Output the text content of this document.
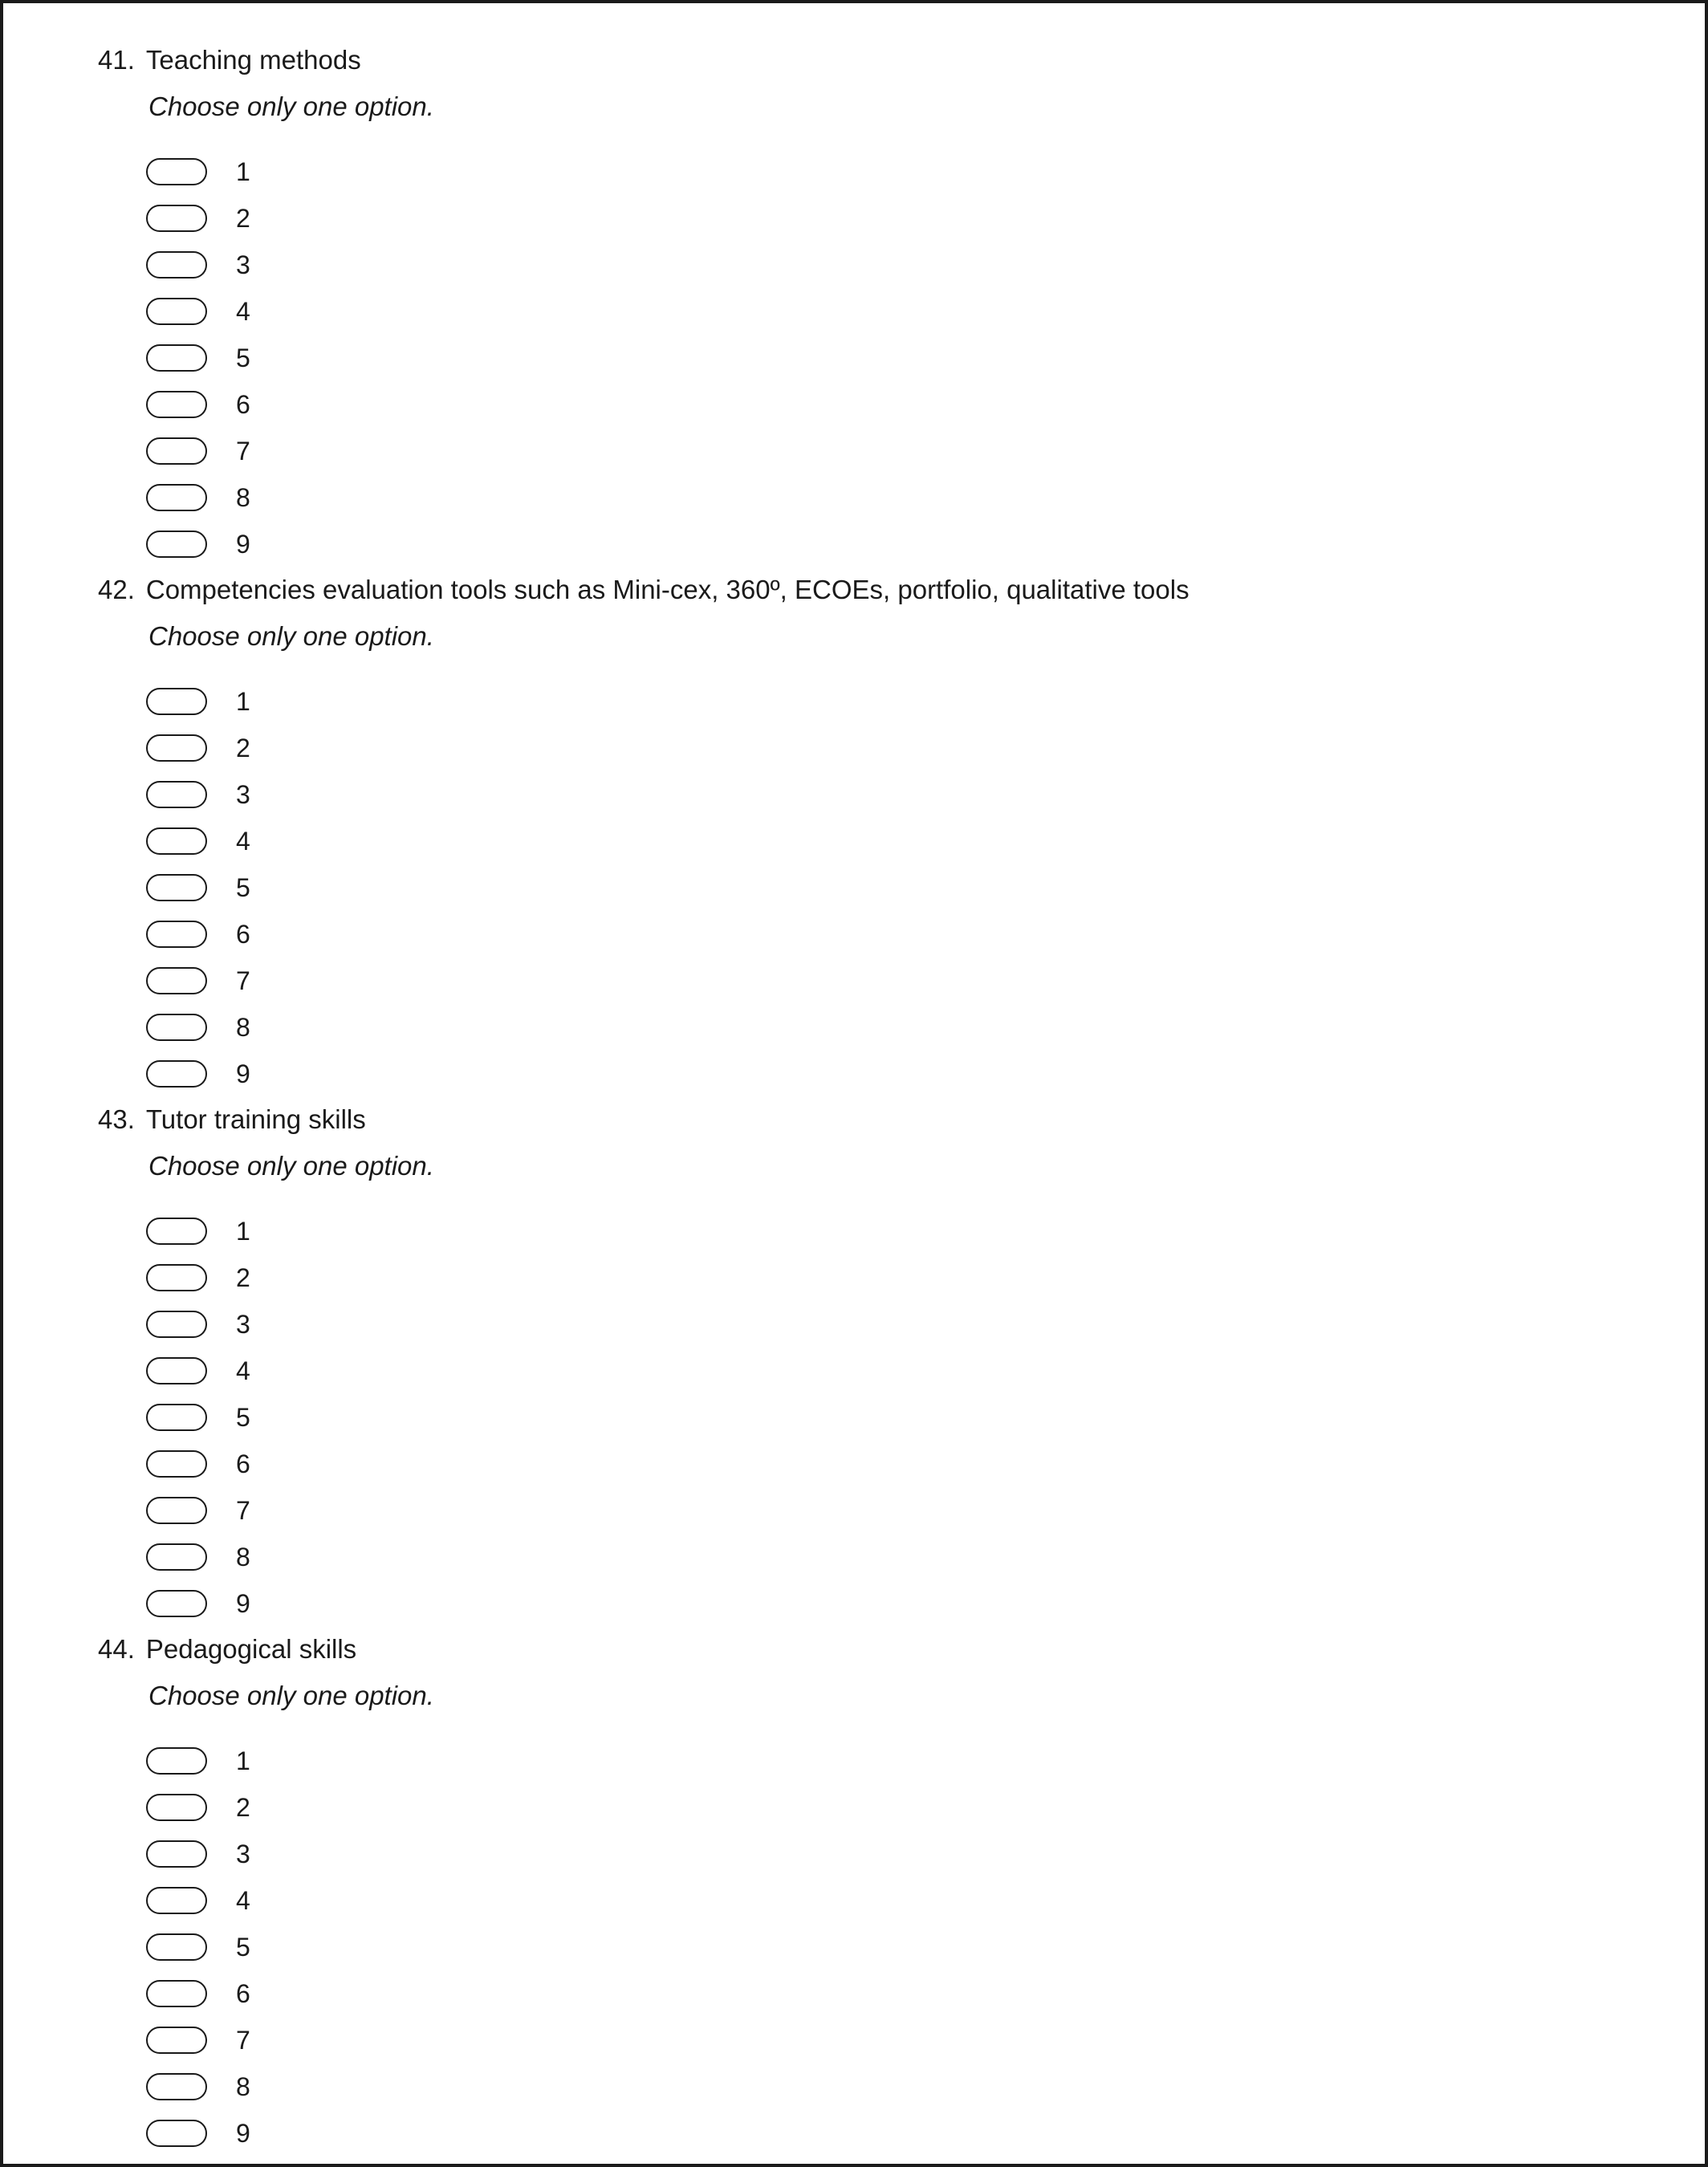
41. Teaching methods
Choose only one option.
1
2
3
4
5
6
7
8
9
42. Competencies evaluation tools such as Mini-cex, 360º, ECOEs, portfolio, qualitative tools
Choose only one option.
1
2
3
4
5
6
7
8
9
43. Tutor training skills
Choose only one option.
1
2
3
4
5
6
7
8
9
44. Pedagogical skills
Choose only one option.
1
2
3
4
5
6
7
8
9
